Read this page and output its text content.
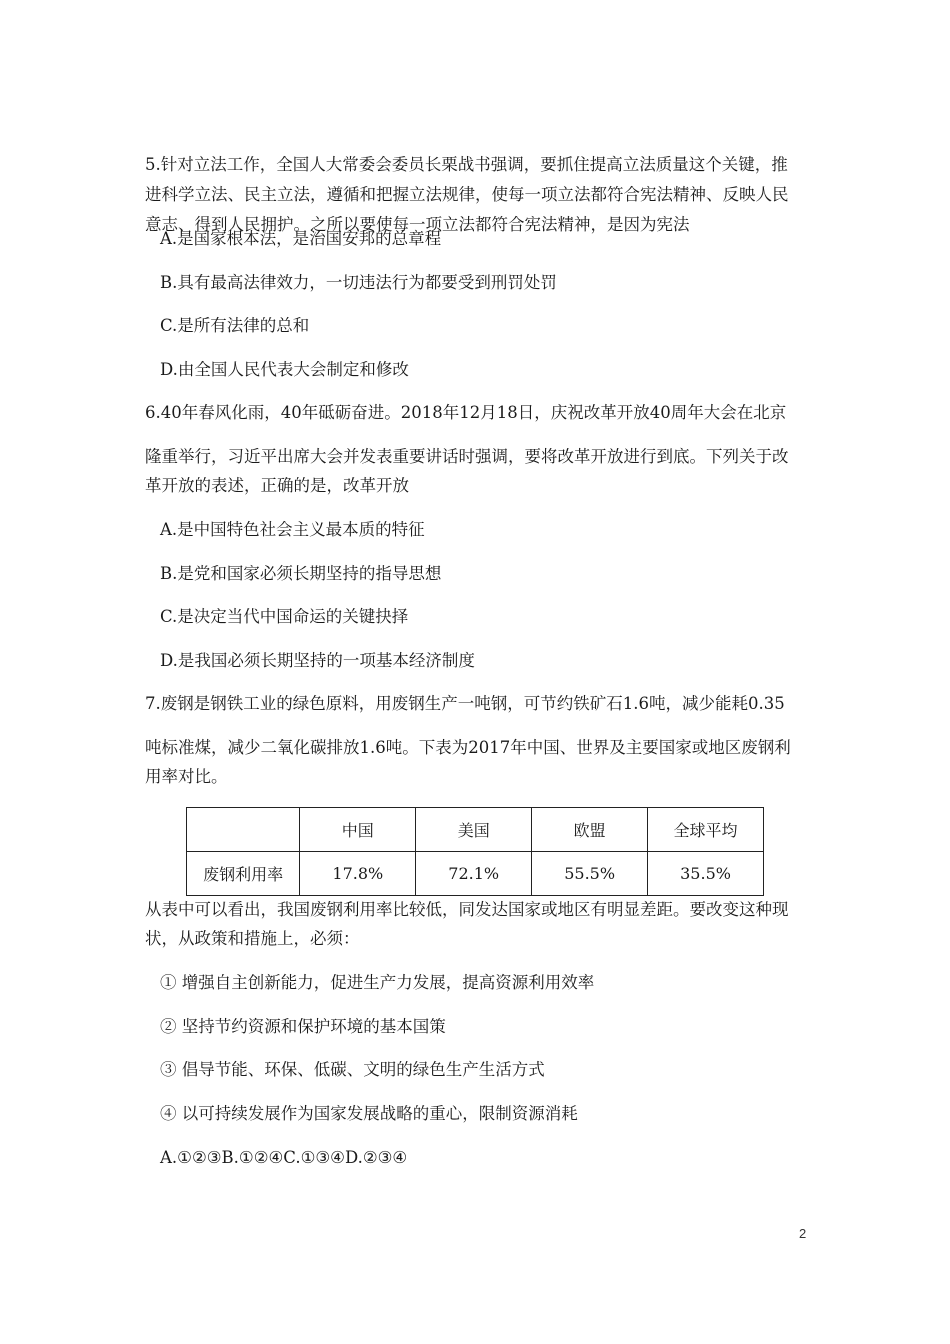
5.针对立法工作，全国人大常委会委员长栗战书强调，要抓住提高立法质量这个关键，推
进科学立法、民主立法，遵循和把握立法规律，使每一项立法都符合宪法精神、反映人民
意志、得到人民拥护。之所以要使每一项立法都符合宪法精神，是因为宪法
A.是国家根本法，是治国安邦的总章程
B.具有最高法律效力，一切违法行为都要受到刑罚处罚
C.是所有法律的总和
D.由全国人民代表大会制定和修改
6.40年春风化雨，40年砥砺奋进。2018年12月18日，庆祝改革开放40周年大会在北京
隆重举行，习近平出席大会并发表重要讲话时强调，要将改革开放进行到底。下列关于改
革开放的表述，正确的是，改革开放
A.是中国特色社会主义最本质的特征
B.是党和国家必须长期坚持的指导思想
C.是决定当代中国命运的关键抉择
D.是我国必须长期坚持的一项基本经济制度
7.废钢是钢铁工业的绿色原料，用废钢生产一吨钢，可节约铁矿石1.6吨，减少能耗0.35
吨标准煤，减少二氧化碳排放1.6吨。下表为2017年中国、世界及主要国家或地区废钢利
用率对比。
	中国	美国	欧盟	全球平均
废钢利用率	17.8%	72.1%	55.5%	35.5%
从表中可以看出，我国废钢利用率比较低，同发达国家或地区有明显差距。要改变这种现
状，从政策和措施上，必须：
① 增强自主创新能力，促进生产力发展，提高资源利用效率
② 坚持节约资源和保护环境的基本国策
③ 倡导节能、环保、低碳、文明的绿色生产生活方式
④ 以可持续发展作为国家发展战略的重心，限制资源消耗
A.①②③B.①②④C.①③④D.②③④
2
